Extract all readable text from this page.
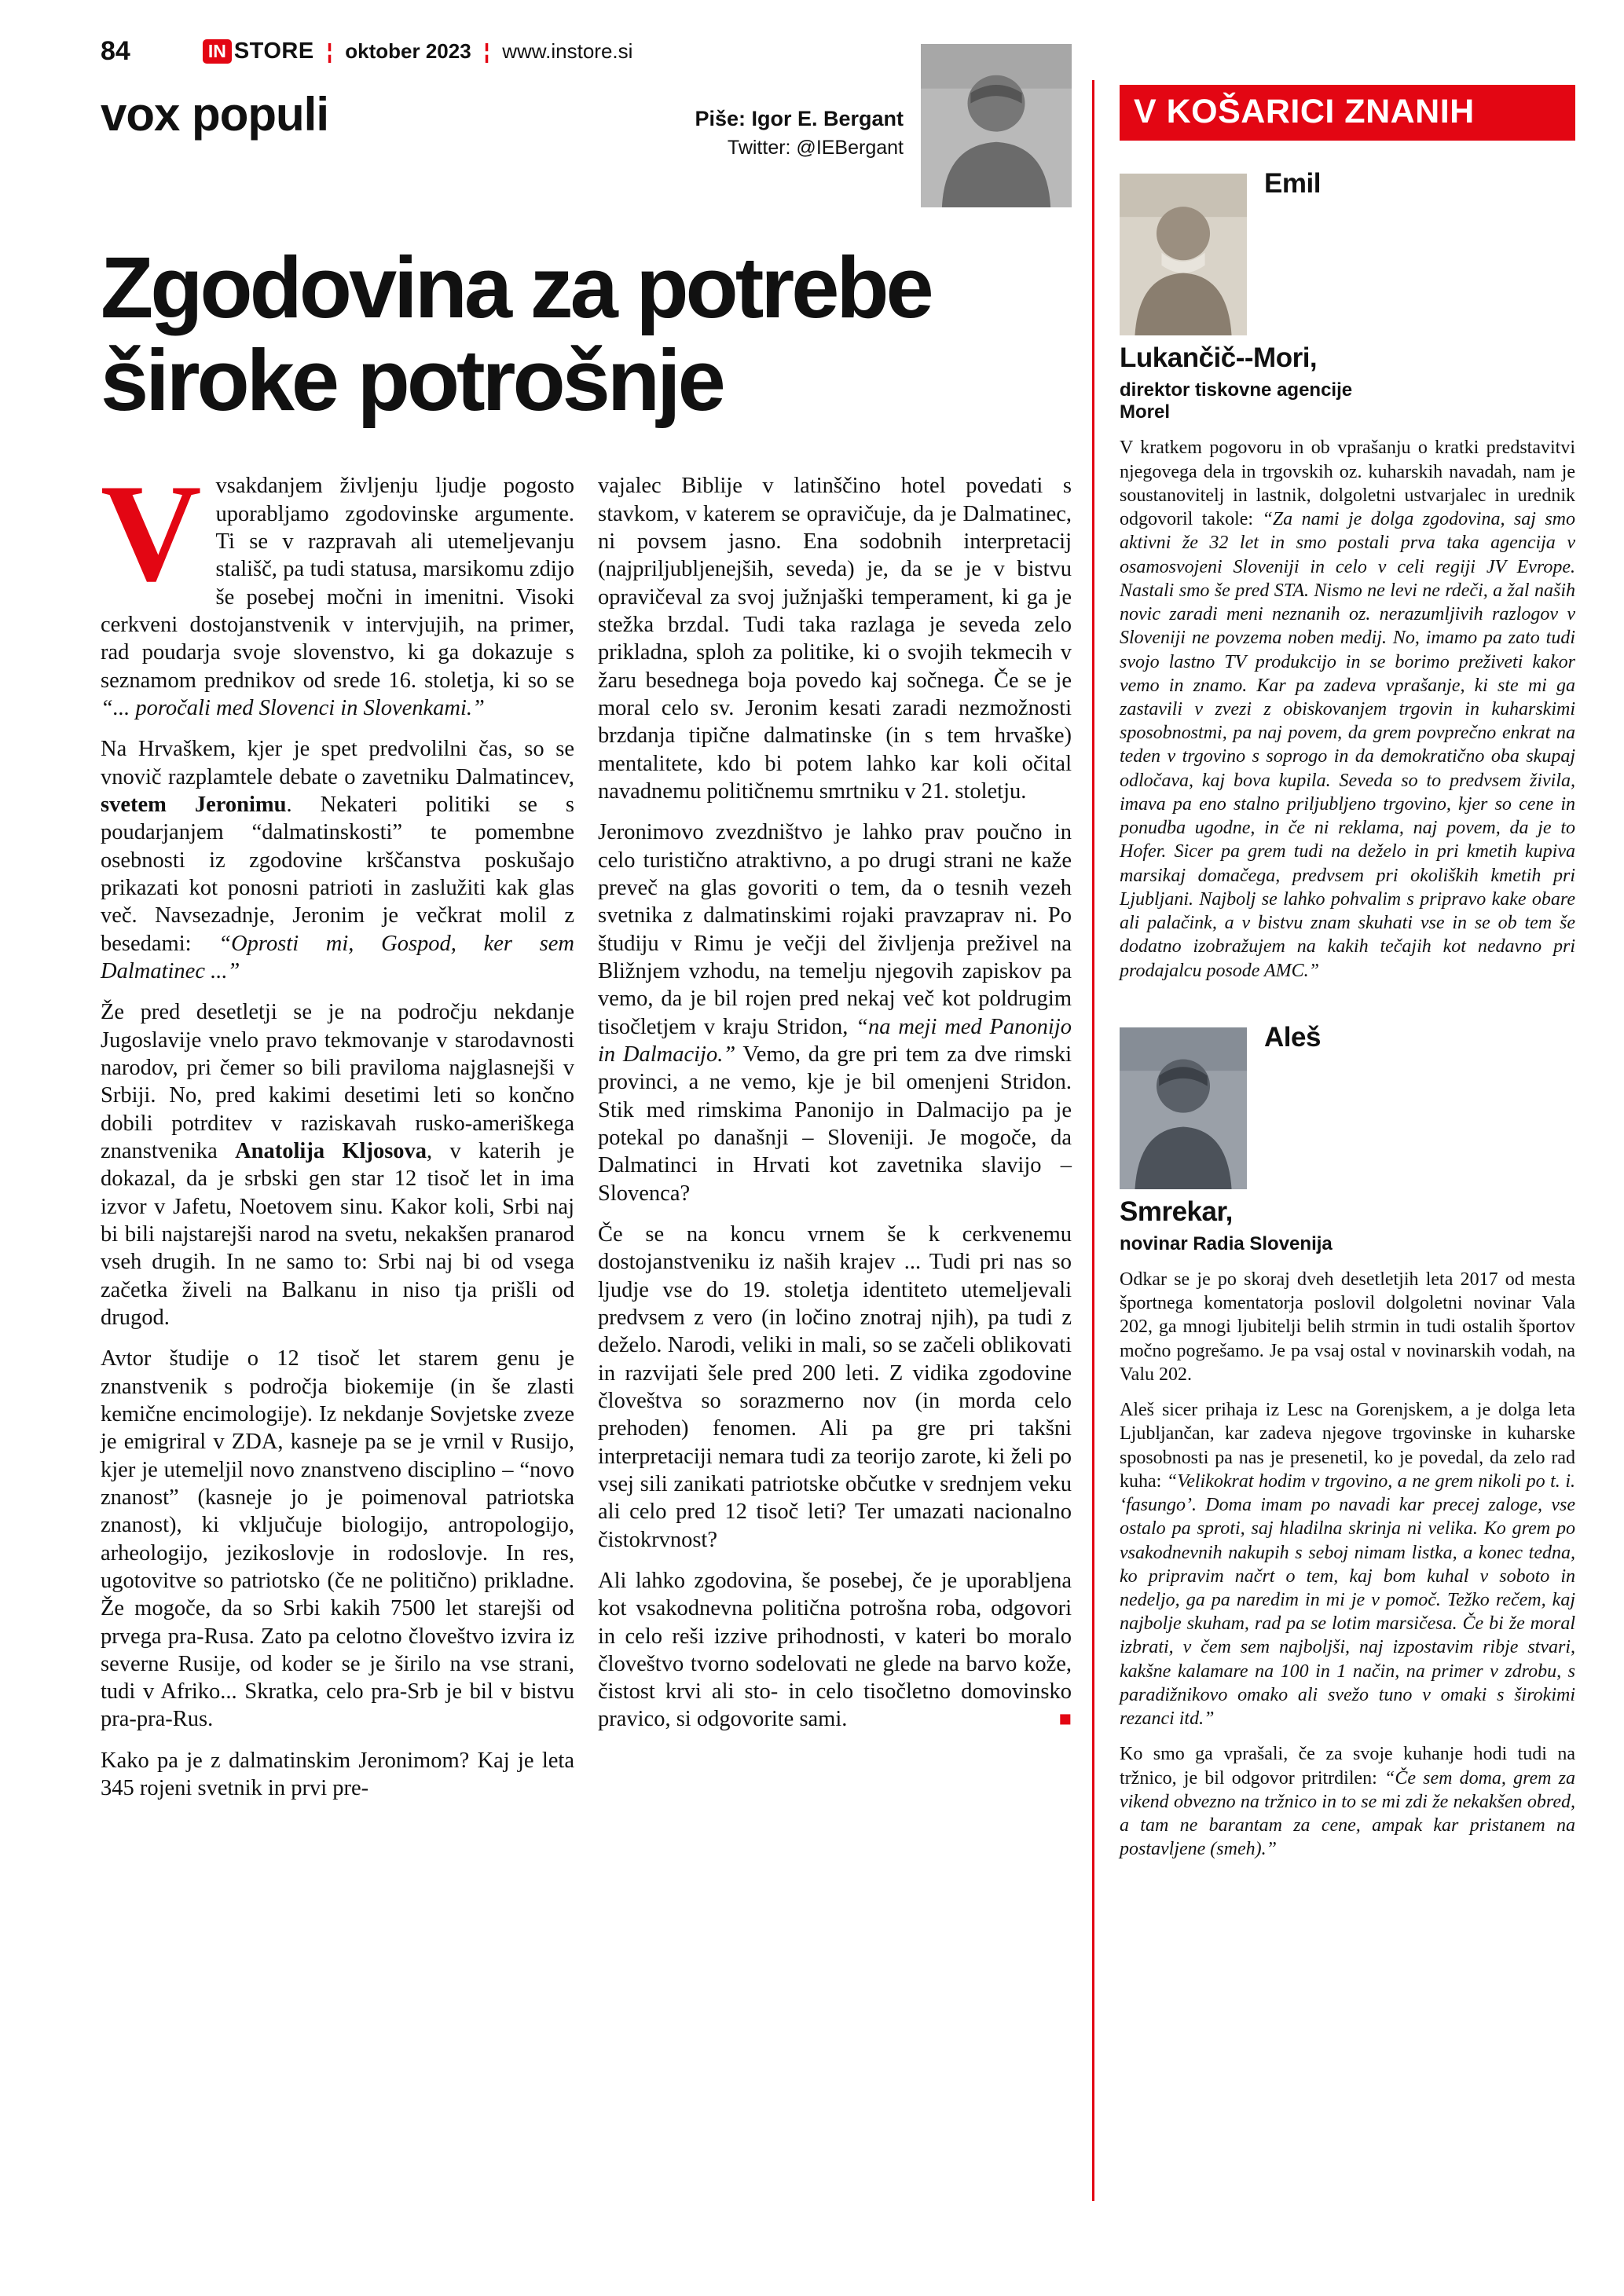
84	IN STORE ¦ oktober 2023 ¦ www.instore.si
vox populi	Piše: Igor E. Bergant
Twitter: @IEBergant
Zgodovina za potrebe
široke potrošnje

Vvsakdanjem življenju ljudje pogosto uporabljamo zgodovinske argumente. Ti se v razpravah ali utemeljevanju stališč, pa tudi statusa, marsikomu zdijo še posebej močni in imenitni. Visoki cerkveni dostojanstvenik v intervjujih, na primer, rad poudarja svoje slovenstvo, ki ga dokazuje s seznamom prednikov od srede 16. stoletja, ki so se “... poročali med Slovenci in Slovenkami.”

Na Hrvaškem, kjer je spet predvolilni čas, so se vnovič razplamtele debate o zavetniku Dalmatincev, svetem Jeronimu. Nekateri politiki se s poudarjanjem “dalmatinskosti” te pomembne osebnosti iz zgodovine krščanstva poskušajo prikazati kot ponosni patrioti in zaslužiti kak glas več. Navsezadnje, Jeronim je večkrat molil z besedami: “Oprosti mi, Gospod, ker sem Dalmatinec ...”

Že pred desetletji se je na področju nekdanje Jugoslavije vnelo pravo tekmovanje v starodavnosti narodov, pri čemer so bili praviloma najglasnejši v Srbiji. No, pred kakimi desetimi leti so končno dobili potrditev v raziskavah rusko-ameriškega znanstvenika Anatolija Kljosova, v katerih je dokazal, da je srbski gen star 12 tisoč let in ima izvor v Jafetu, Noetovem sinu. Kakor koli, Srbi naj bi bili najstarejši narod na svetu, nekakšen pranarod vseh drugih. In ne samo to: Srbi naj bi od vsega začetka živeli na Balkanu in niso tja prišli od drugod.

Avtor študije o 12 tisoč let starem genu je znanstvenik s področja biokemije (in še zlasti kemične encimologije). Iz nekdanje Sovjetske zveze je emigriral v ZDA, kasneje pa se je vrnil v Rusijo, kjer je utemeljil novo znanstveno disciplino – “novo znanost” (kasneje jo je poimenoval patriotska znanost), ki vključuje biologijo, antropologijo, arheologijo, jezikoslovje in rodoslovje. In res, ugotovitve so patriotsko (če ne politično) prikladne. Že mogoče, da so Srbi kakih 7500 let starejši od prvega pra-Rusa. Zato pa celotno človeštvo izvira iz severne Rusije, od koder se je širilo na vse strani, tudi v Afriko... Skratka, celo pra-Srb je bil v bistvu pra-pra-Rus.

Kako pa je z dalmatinskim Jeronimom? Kaj je leta 345 rojeni svetnik in prvi pre-

vajalec Biblije v latinščino hotel povedati s stavkom, v katerem se opravičuje, da je Dalmatinec, ni povsem jasno. Ena sodobnih interpretacij (najpriljubljenejših, seveda) je, da se je v bistvu opravičeval za svoj južnjaški temperament, ki ga je stežka brzdal. Tudi taka razlaga je seveda zelo prikladna, sploh za politike, ki o svojih tekmecih v žaru besednega boja povedo kaj sočnega. Če se je moral celo sv. Jeronim kesati zaradi nezmožnosti brzdanja tipične dalmatinske (in s tem hrvaške) mentalitete, kdo bi potem lahko kar koli očital navadnemu političnemu smrtniku v 21. stoletju.

Jeronimovo zvezdništvo je lahko prav poučno in celo turistično atraktivno, a po drugi strani ne kaže preveč na glas govoriti o tem, da o tesnih vezeh svetnika z dalmatinskimi rojaki pravzaprav ni. Po študiju v Rimu je večji del življenja preživel na Bližnjem vzhodu, na temelju njegovih zapiskov pa vemo, da je bil rojen pred nekaj več kot poldrugim tisočletjem v kraju Stridon, “na meji med Panonijo in Dalmacijo.” Vemo, da gre pri tem za dve rimski provinci, a ne vemo, kje je bil omenjeni Stridon. Stik med rimskima Panonijo in Dalmacijo pa je potekal po današnji – Sloveniji. Je mogoče, da Dalmatinci in Hrvati kot zavetnika slavijo – Slovenca?

Če se na koncu vrnem še k cerkvenemu dostojanstveniku iz naših krajev ... Tudi pri nas so ljudje vse do 19. stoletja identiteto utemeljevali predvsem z vero (in ločino znotraj njih), pa tudi z deželo. Narodi, veliki in mali, so se začeli oblikovati in razvijati šele pred 200 leti. Z vidika zgodovine človeštva so sorazmerno nov (in morda celo prehoden) fenomen. Ali pa gre pri takšni interpretaciji nemara tudi za teorijo zarote, ki želi po vsej sili zanikati patriotske občutke v srednjem veku ali celo pred 12 tisoč leti? Ter umazati nacionalno čistokrvnost?

Ali lahko zgodovina, še posebej, če je uporabljena kot vsakodnevna politična potrošna roba, odgovori in celo reši izzive prihodnosti, v kateri bo moralo človeštvo tvorno sodelovati ne glede na barvo kože, čistost krvi ali sto- in celo tisočletno domovinsko pravico, si odgovorite sami.	■

V KOŠARICI ZNANIH
Emil Lukančič--Mori,
direktor tiskovne agencije Morel

V kratkem pogovoru in ob vprašanju o kratki predstavitvi njegovega dela in trgovskih oz. kuharskih navadah, nam je soustanovitelj in lastnik, dolgoletni ustvarjalec in urednik odgovoril takole: “Za nami je dolga zgodovina, saj smo aktivni že 32 let in smo postali prva taka agencija v osamosvojeni Sloveniji in celo v celi regiji JV Evrope. Nastali smo še pred STA. Nismo ne levi ne rdeči, a žal naših novic zaradi meni neznanih oz. nerazumljivih razlogov v Sloveniji ne povzema noben medij. No, imamo pa zato tudi svojo lastno TV produkcijo in se borimo preživeti kakor vemo in znamo. Kar pa zadeva vprašanje, ki ste mi ga zastavili v zvezi z obiskovanjem trgovin in kuharskimi sposobnostmi, pa naj povem, da grem povprečno enkrat na teden v trgovino s soprogo in da demokratično oba skupaj odločava, kaj bova kupila. Seveda so to predvsem živila, imava pa eno stalno priljubljeno trgovino, kjer so cene in ponudba ugodne, in če ni reklama, naj povem, da je to Hofer. Sicer pa grem tudi na deželo in pri kmetih kupiva marsikaj domačega, predvsem pri okoliških kmetih pri Ljubljani. Najbolj se lahko pohvalim s pripravo kake obare ali palačink, a v bistvu znam skuhati vse in se ob tem še dodatno izobražujem na kakih tečajih kot nedavno pri prodajalcu posode AMC.”

Aleš Smrekar,
novinar Radia Slovenija

Odkar se je po skoraj dveh desetletjih leta 2017 od mesta športnega komentatorja poslovil dolgoletni novinar Vala 202, ga mnogi ljubitelji belih strmin in tudi ostalih športov močno pogrešamo. Je pa vsaj ostal v novinarskih vodah, na Valu 202.

Aleš sicer prihaja iz Lesc na Gorenjskem, a je dolga leta Ljubljančan, kar zadeva njegove trgovinske in kuharske sposobnosti pa nas je presenetil, ko je povedal, da zelo rad kuha: “Velikokrat hodim v trgovino, a ne grem nikoli po t. i. ‘fasungo’. Doma imam po navadi kar precej zaloge, vse ostalo pa sproti, saj hladilna skrinja ni velika. Ko grem po vsakodnevnih nakupih s seboj nimam listka, a konec tedna, ko pripravim načrt o tem, kaj bom kuhal v soboto in nedeljo, ga pa naredim in mi je v pomoč. Težko rečem, kaj najbolje skuham, rad pa se lotim marsičesa. Če bi že moral izbrati, v čem sem najboljši, naj izpostavim ribje stvari, kakšne kalamare na 100 in 1 način, na primer v zdrobu, s paradižnikovo omako ali svežo tuno v omaki s širokimi rezanci itd.”

Ko smo ga vprašali, če za svoje kuhanje hodi tudi na tržnico, je bil odgovor pritrdilen: “Če sem doma, grem za vikend obvezno na tržnico in to se mi zdi že nekakšen obred, a tam ne barantam za cene, ampak kar pristanem na postavljene (smeh).”
